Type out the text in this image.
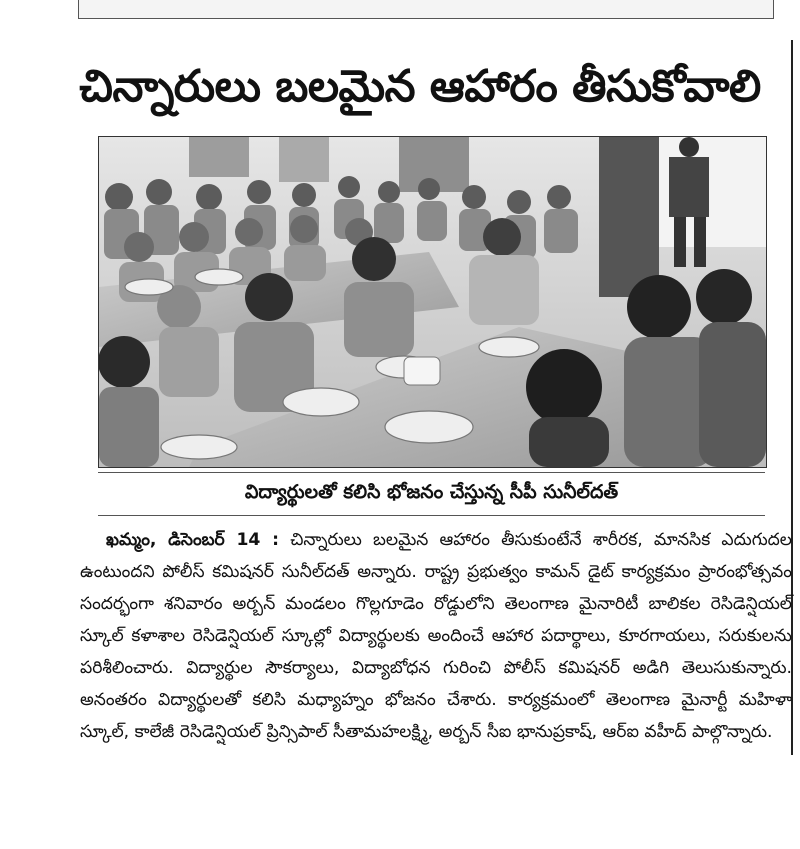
చిన్నారులు బలమైన ఆహారం తీసుకోవాలి
విద్యార్థులతో కలిసి భోజనం చేస్తున్న సీపీ సునీల్‌దత్

ఖమ్మం, డిసెంబర్ 14 : చిన్నారులు బలమైన ఆహారం తీసుకుంటేనే శారీరక, మానసిక ఎదుగుదల ఉంటుందని పోలీస్ కమిషనర్ సునీల్‌దత్ అన్నారు. రాష్ట్ర ప్రభుత్వం కామన్ డైట్ కార్యక్రమం ప్రారంభోత్సవం సందర్భంగా శనివారం అర్బన్ మండలం గొల్లగూడెం రోడ్డులోని తెలంగాణ మైనారిటీ బాలికల రెసిడెన్షియల్ స్కూల్ కళాశాల రెసిడెన్షియల్ స్కూల్లో విద్యార్థులకు అందించే ఆహార పదార్థాలు, కూరగాయలు, సరుకులను పరిశీలించారు. విద్యార్థుల సౌకర్యాలు, విద్యాబోధన గురించి పోలీస్ కమిషనర్ అడిగి తెలుసుకున్నారు. అనంతరం విద్యార్థులతో కలిసి మధ్యాహ్నం భోజనం చేశారు. కార్యక్రమంలో తెలంగాణ మైనార్టీ మహిళా స్కూల్, కాలేజీ రెసిడెన్షియల్ ప్రిన్సిపాల్ సీతామహలక్ష్మి, అర్బన్ సీఐ భానుప్రకాష్, ఆర్ఐ వహీద్ పాల్గొన్నారు.
